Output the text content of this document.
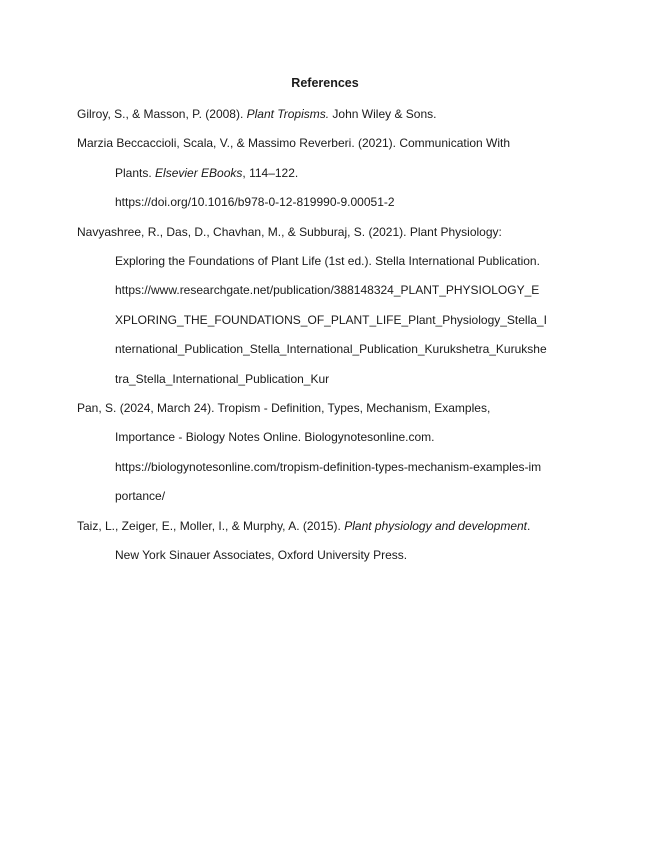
References
Gilroy, S., & Masson, P. (2008). Plant Tropisms. John Wiley & Sons.
Marzia Beccaccioli, Scala, V., & Massimo Reverberi. (2021). Communication With
Plants. Elsevier EBooks, 114–122.
https://doi.org/10.1016/b978-0-12-819990-9.00051-2
Navyashree, R., Das, D., Chavhan, M., & Subburaj, S. (2021). Plant Physiology:
Exploring the Foundations of Plant Life (1st ed.). Stella International Publication.
https://www.researchgate.net/publication/388148324_PLANT_PHYSIOLOGY_E
XPLORING_THE_FOUNDATIONS_OF_PLANT_LIFE_Plant_Physiology_Stella_I
nternational_Publication_Stella_International_Publication_Kurukshetra_Kurukshe
tra_Stella_International_Publication_Kur
Pan, S. (2024, March 24). Tropism - Definition, Types, Mechanism, Examples,
Importance - Biology Notes Online. Biologynotesonline.com.
https://biologynotesonline.com/tropism-definition-types-mechanism-examples-im
portance/
Taiz, L., Zeiger, E., Moller, I., & Murphy, A. (2015). Plant physiology and development.
New York Sinauer Associates, Oxford University Press.
